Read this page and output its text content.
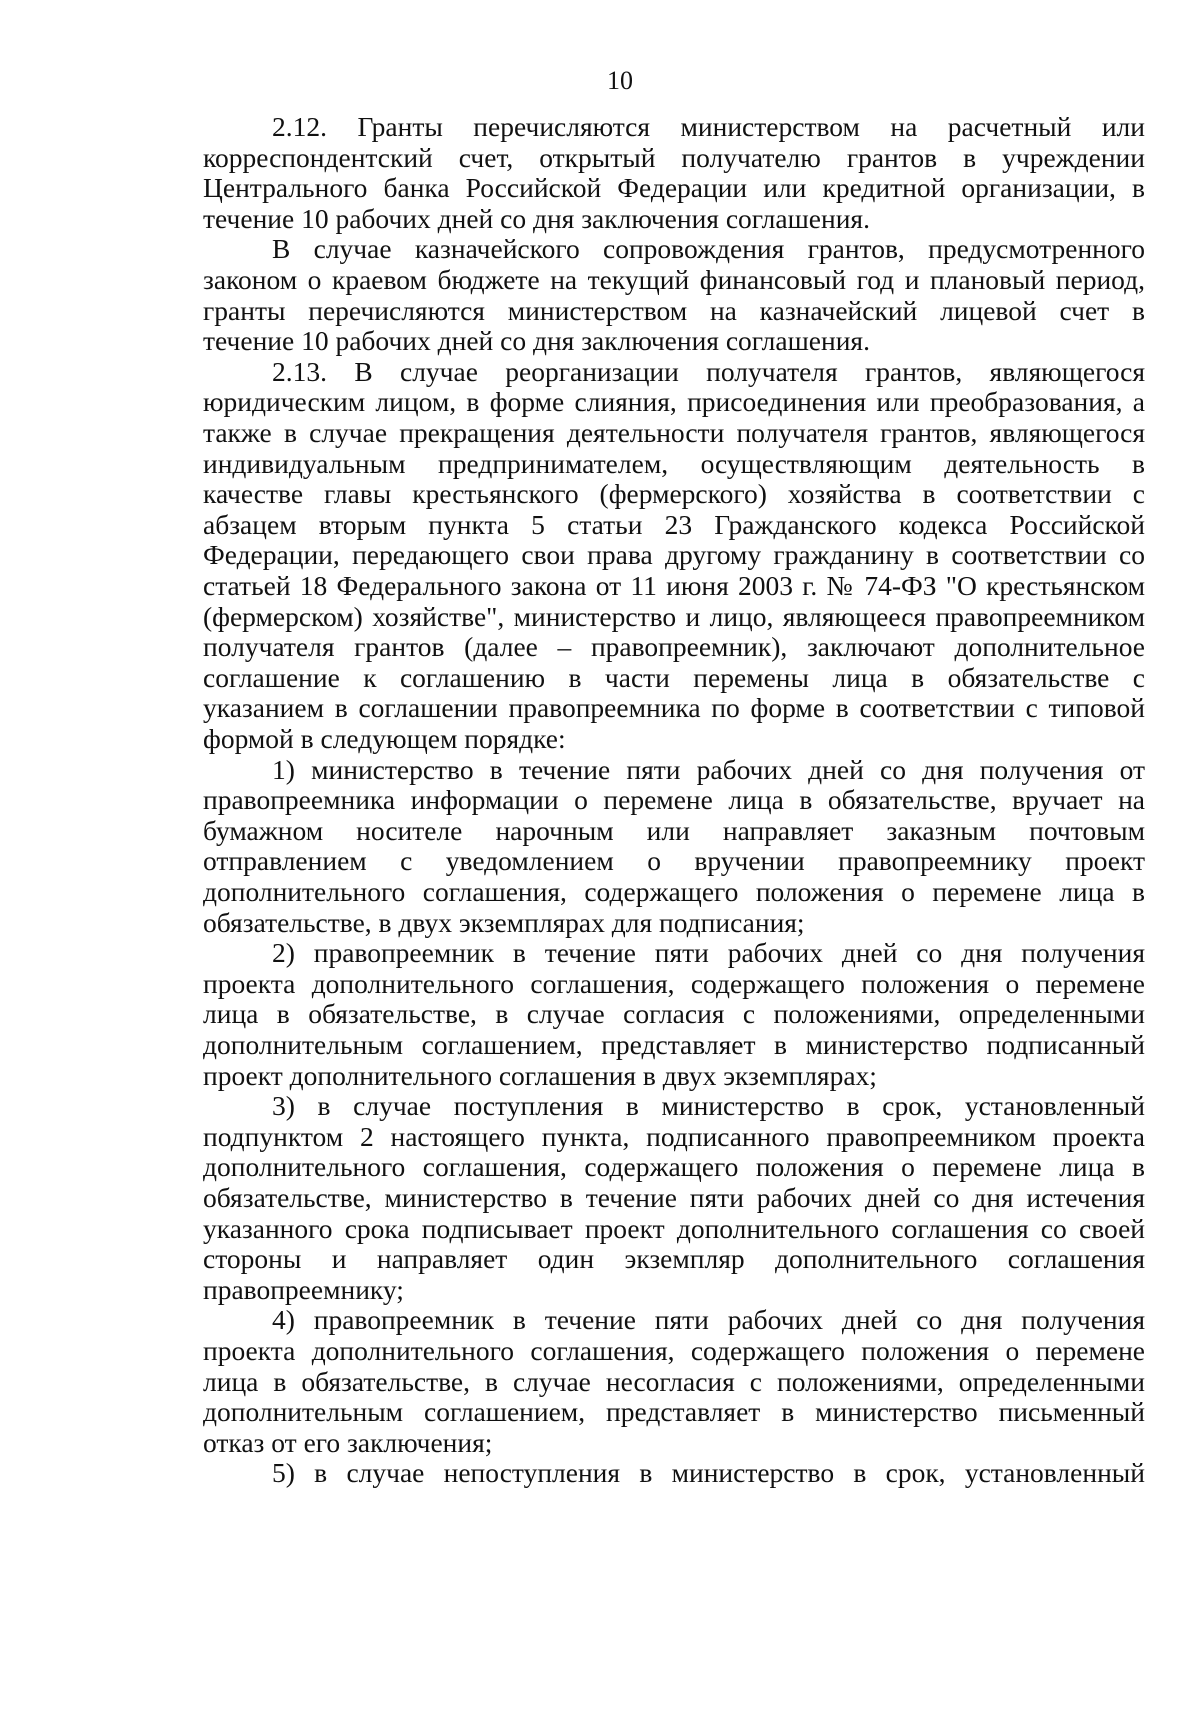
10
2.12. Гранты перечисляются министерством на расчетный или
корреспондентский счет, открытый получателю грантов в учреждении
Центрального банка Российской Федерации или кредитной организации, в
течение 10 рабочих дней со дня заключения соглашения.
В случае казначейского сопровождения грантов, предусмотренного
законом о краевом бюджете на текущий финансовый год и плановый период,
гранты перечисляются министерством на казначейский лицевой счет в
течение 10 рабочих дней со дня заключения соглашения.
2.13. В случае реорганизации получателя грантов, являющегося
юридическим лицом, в форме слияния, присоединения или преобразования, а
также в случае прекращения деятельности получателя грантов, являющегося
индивидуальным предпринимателем, осуществляющим деятельность в
качестве главы крестьянского (фермерского) хозяйства в соответствии с
абзацем вторым пункта 5 статьи 23 Гражданского кодекса Российской
Федерации, передающего свои права другому гражданину в соответствии со
статьей 18 Федерального закона от 11 июня 2003 г. № 74-ФЗ "О крестьянском
(фермерском) хозяйстве", министерство и лицо, являющееся правопреемником
получателя грантов (далее – правопреемник), заключают дополнительное
соглашение к соглашению в части перемены лица в обязательстве с
указанием в соглашении правопреемника по форме в соответствии с типовой
формой в следующем порядке:
1) министерство в течение пяти рабочих дней со дня получения от
правопреемника информации о перемене лица в обязательстве, вручает на
бумажном носителе нарочным или направляет заказным почтовым
отправлением с уведомлением о вручении правопреемнику проект
дополнительного соглашения, содержащего положения о перемене лица в
обязательстве, в двух экземплярах для подписания;
2) правопреемник в течение пяти рабочих дней со дня получения
проекта дополнительного соглашения, содержащего положения о перемене
лица в обязательстве, в случае согласия с положениями, определенными
дополнительным соглашением, представляет в министерство подписанный
проект дополнительного соглашения в двух экземплярах;
3) в случае поступления в министерство в срок, установленный
подпунктом 2 настоящего пункта, подписанного правопреемником проекта
дополнительного соглашения, содержащего положения о перемене лица в
обязательстве, министерство в течение пяти рабочих дней со дня истечения
указанного срока подписывает проект дополнительного соглашения со своей
стороны и направляет один экземпляр дополнительного соглашения
правопреемнику;
4) правопреемник в течение пяти рабочих дней со дня получения
проекта дополнительного соглашения, содержащего положения о перемене
лица в обязательстве, в случае несогласия с положениями, определенными
дополнительным соглашением, представляет в министерство письменный
отказ от его заключения;
5) в случае непоступления в министерство в срок, установленный
